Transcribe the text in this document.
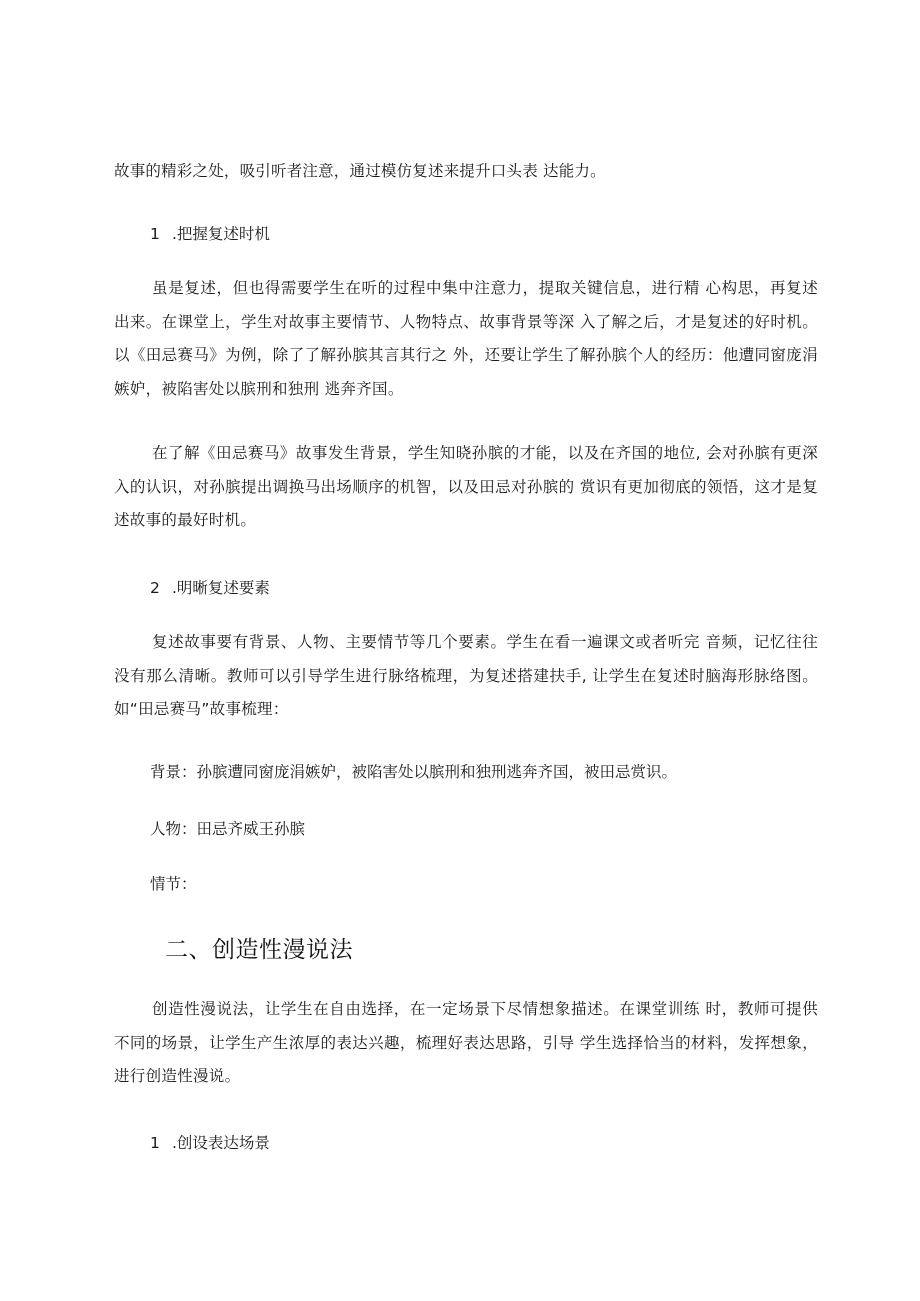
故事的精彩之处，吸引听者注意，通过模仿复述来提升口头表 达能力。
1 .把握复述时机
虽是复述，但也得需要学生在听的过程中集中注意力，提取关键信息，进行精 心构思，再复述出来。在课堂上，学生对故事主要情节、人物特点、故事背景等深 入了解之后，才是复述的好时机。以《田忌赛马》为例，除了了解孙膑其言其行之 外，还要让学生了解孙膑个人的经历：他遭同窗庞涓嫉妒，被陷害处以膑刑和独刑 逃奔齐国。
在了解《田忌赛马》故事发生背景，学生知晓孙膑的才能，以及在齐国的地位, 会对孙膑有更深入的认识，对孙膑提出调换马出场顺序的机智，以及田忌对孙膑的 赏识有更加彻底的领悟，这才是复述故事的最好时机。
2 .明晰复述要素
复述故事要有背景、人物、主要情节等几个要素。学生在看一遍课文或者听完 音频，记忆往往没有那么清晰。教师可以引导学生进行脉络梳理，为复述搭建扶手, 让学生在复述时脑海形脉络图。如“田忌赛马”故事梳理：
背景：孙膑遭同窗庞涓嫉妒，被陷害处以膑刑和独刑逃奔齐国，被田忌赏识。
人物：田忌齐威王孙膑
情节：
二、创造性漫说法
创造性漫说法，让学生在自由选择，在一定场景下尽情想象描述。在课堂训练 时，教师可提供不同的场景，让学生产生浓厚的表达兴趣，梳理好表达思路，引导 学生选择恰当的材料，发挥想象，进行创造性漫说。
1 .创设表达场景
